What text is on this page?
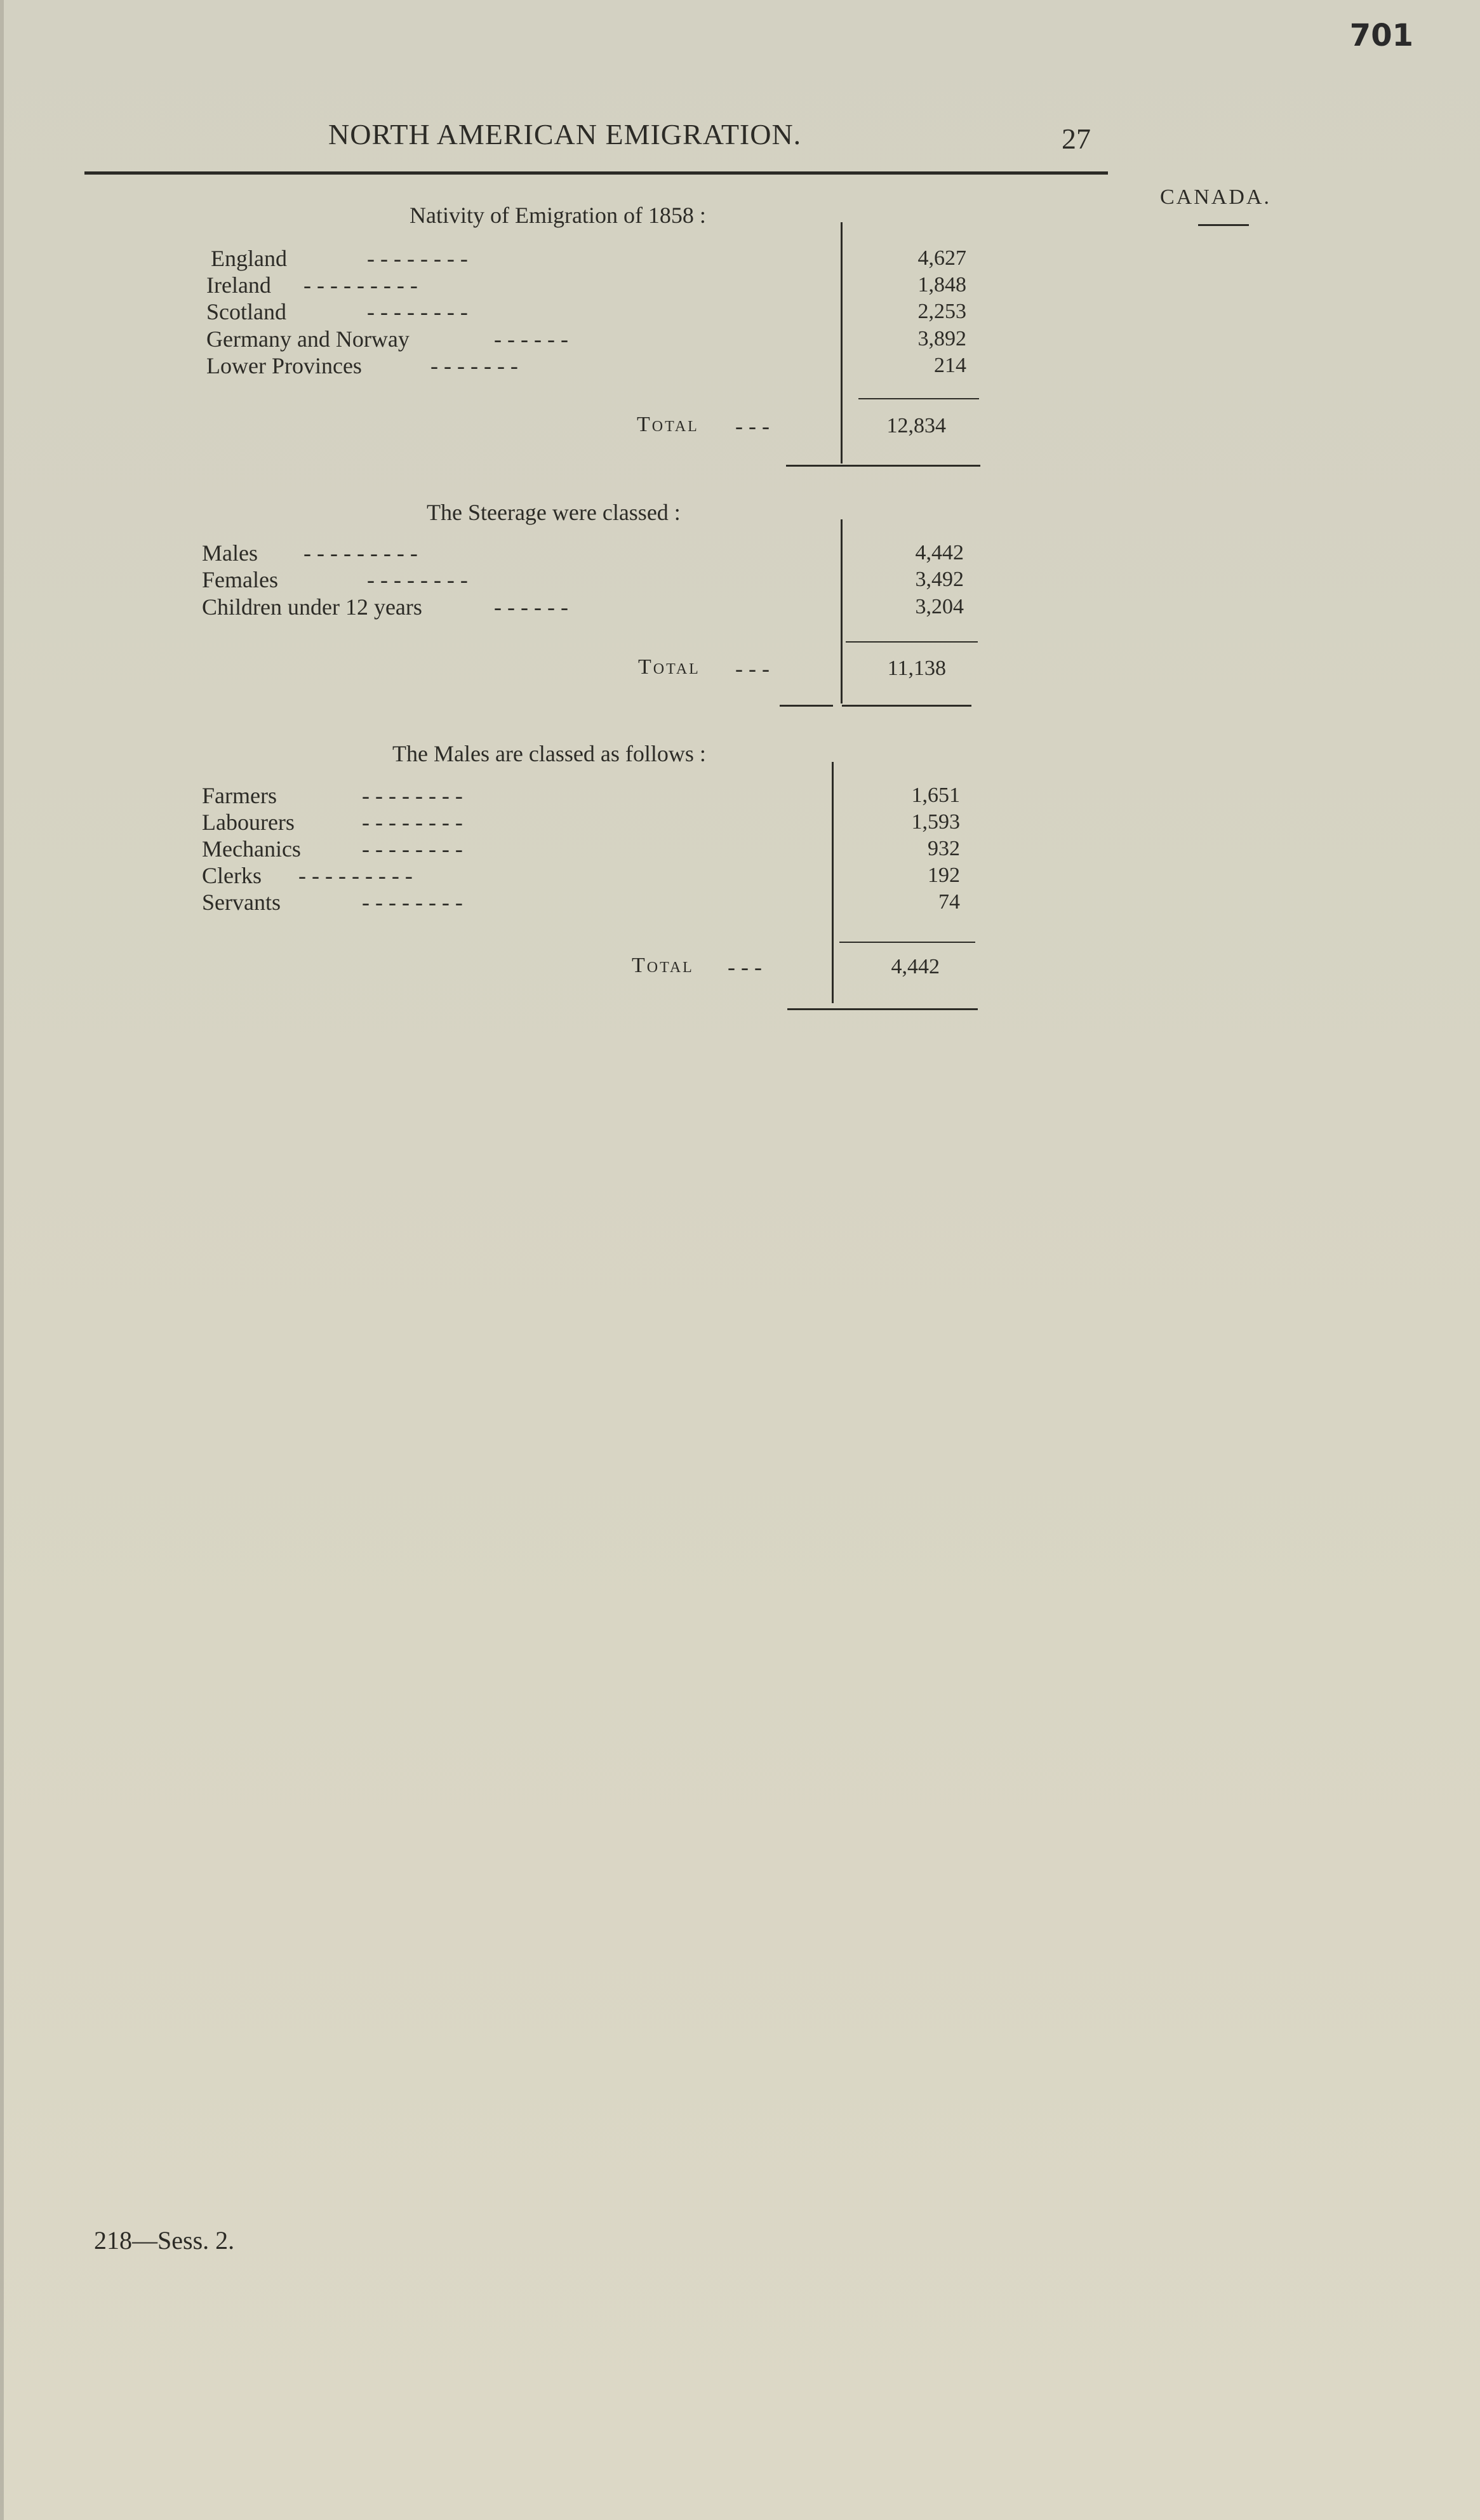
701
NORTH AMERICAN EMIGRATION.	27
CANADA.
Nativity of Emigration of 1858 :
England	- - - - - - - -	4,627
Ireland - - - - - - - - -	1,848
Scotland	- - - - - - - -	2,253
Germany and Norway	- - - - - -	3,892
Lower Provinces	- - - - - - -	214
Total - - -	12,834
The Steerage were classed :
Males - - - - - - - - -	4,442
Females	- - - - - - - -	3,492
Children under 12 years	- - - - - -	3,204
Total - - -	11,138
The Males are classed as follows :
Farmers	- - - - - - - -	1,651
Labourers	- - - - - - - -	1,593
Mechanics	- - - - - - - -	932
Clerks - - - - - - - - -	192
Servants	- - - - - - - -	74
Total - - -	4,442
218—Sess. 2.
